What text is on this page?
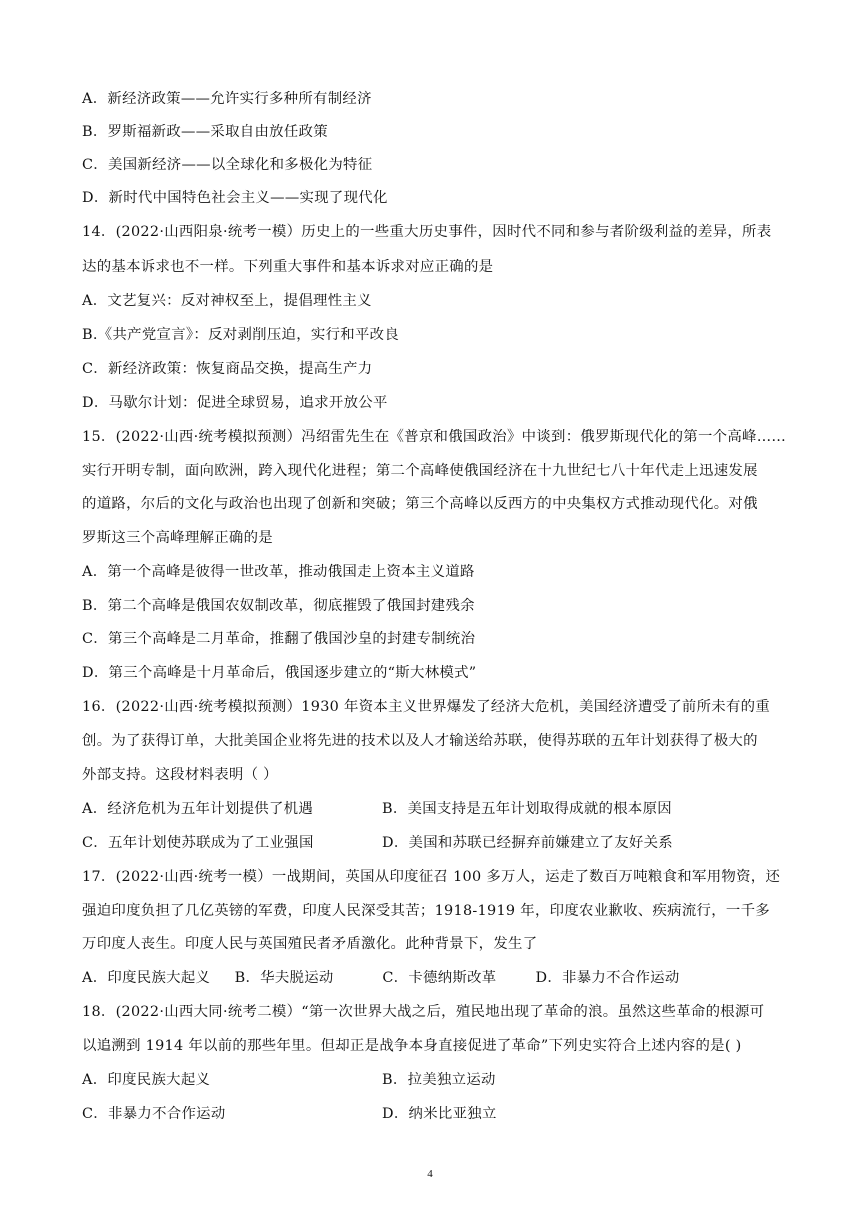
A．新经济政策——允许实行多种所有制经济
B．罗斯福新政——采取自由放任政策
C．美国新经济——以全球化和多极化为特征
D．新时代中国特色社会主义——实现了现代化
14．(2022·山西阳泉·统考一模）历史上的一些重大历史事件，因时代不同和参与者阶级利益的差异，所表
达的基本诉求也不一样。下列重大事件和基本诉求对应正确的是
A．文艺复兴：反对神权至上，提倡理性主义
B.《共产党宣言》：反对剥削压迫，实行和平改良
C．新经济政策：恢复商品交换，提高生产力
D．马歇尔计划：促进全球贸易，追求开放公平
15．(2022·山西·统考模拟预测）冯绍雷先生在《普京和俄国政治》中谈到：俄罗斯现代化的第一个高峰……
实行开明专制，面向欧洲，跨入现代化进程；第二个高峰使俄国经济在十九世纪七八十年代走上迅速发展
的道路，尔后的文化与政治也出现了创新和突破；第三个高峰以反西方的中央集权方式推动现代化。对俄
罗斯这三个高峰理解正确的是
A．第一个高峰是彼得一世改革，推动俄国走上资本主义道路
B．第二个高峰是俄国农奴制改革，彻底摧毁了俄国封建残余
C．第三个高峰是二月革命，推翻了俄国沙皇的封建专制统治
D．第三个高峰是十月革命后，俄国逐步建立的“斯大林模式”
16．(2022·山西·统考模拟预测）1930 年资本主义世界爆发了经济大危机，美国经济遭受了前所未有的重
创。为了获得订单，大批美国企业将先进的技术以及人才输送给苏联，使得苏联的五年计划获得了极大的
外部支持。这段材料表明（ ）
A．经济危机为五年计划提供了机遇	B．美国支持是五年计划取得成就的根本原因
C．五年计划使苏联成为了工业强国	D．美国和苏联已经摒弃前嫌建立了友好关系
17．(2022·山西·统考一模）一战期间，英国从印度征召 100 多万人，运走了数百万吨粮食和军用物资，还
强迫印度负担了几亿英镑的军费，印度人民深受其苦；1918-1919 年，印度农业歉收、疾病流行，一千多
万印度人丧生。印度人民与英国殖民者矛盾激化。此种背景下，发生了
A．印度民族大起义     B．华夫脱运动          C．卡德纳斯改革        D．非暴力不合作运动
18．(2022·山西大同·统考二模）“第一次世界大战之后，殖民地出现了革命的浪。虽然这些革命的根源可
以追溯到 1914 年以前的那些年里。但却正是战争本身直接促进了革命”下列史实符合上述内容的是( )
A．印度民族大起义	B．拉美独立运动
C．非暴力不合作运动	D．纳米比亚独立
4
